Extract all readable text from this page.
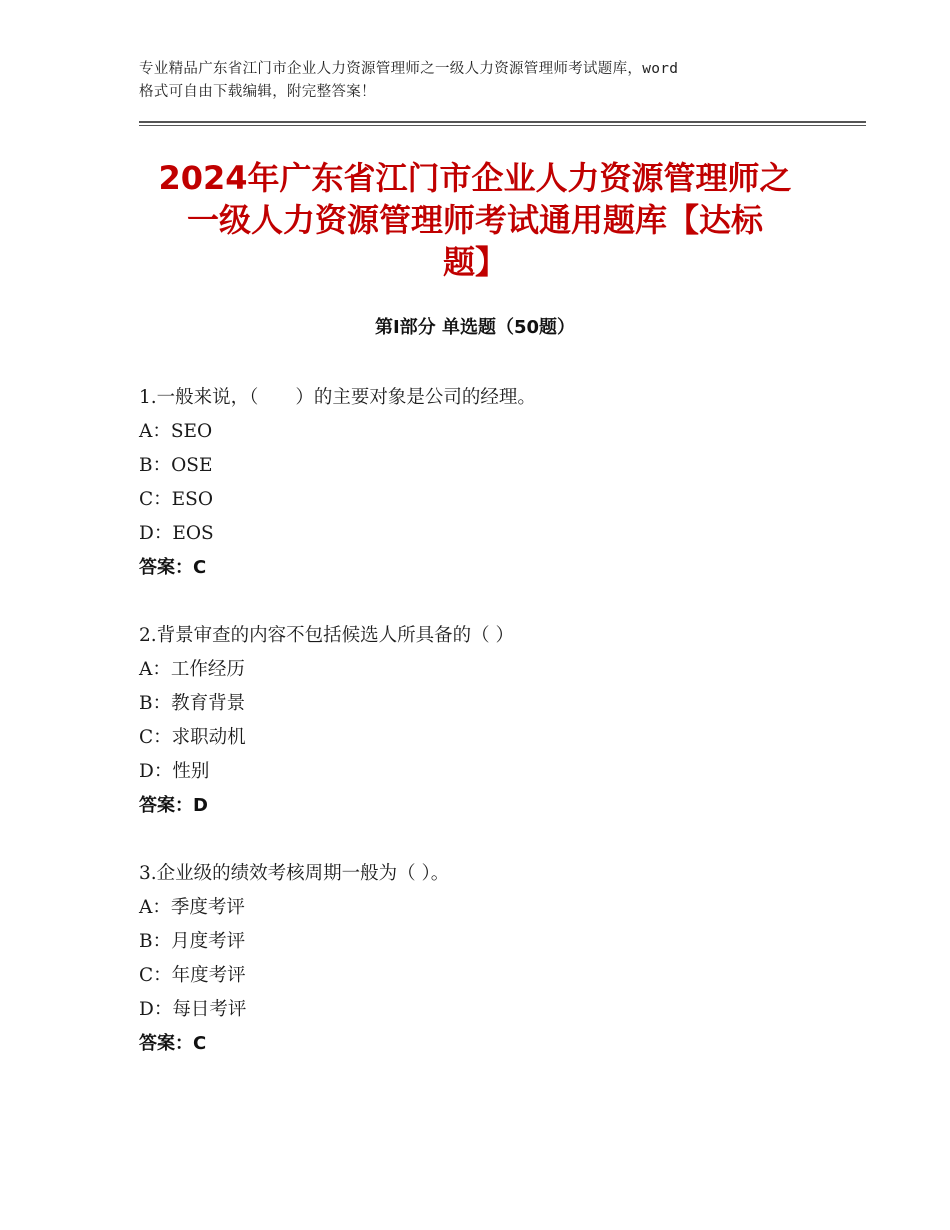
专业精品广东省江门市企业人力资源管理师之一级人力资源管理师考试题库，word
格式可自由下载编辑，附完整答案！
2024年广东省江门市企业人力资源管理师之
一级人力资源管理师考试通用题库【达标
题】
第Ⅰ部分 单选题（50题）
1.一般来说，（　　）的主要对象是公司的经理。
A：SEO
B：OSE
C：ESO
D：EOS
答案：C
2.背景审查的内容不包括候选人所具备的（ ）
A：工作经历
B：教育背景
C：求职动机
D：性别
答案：D
3.企业级的绩效考核周期一般为（ ）。
A：季度考评
B：月度考评
C：年度考评
D：每日考评
答案：C
